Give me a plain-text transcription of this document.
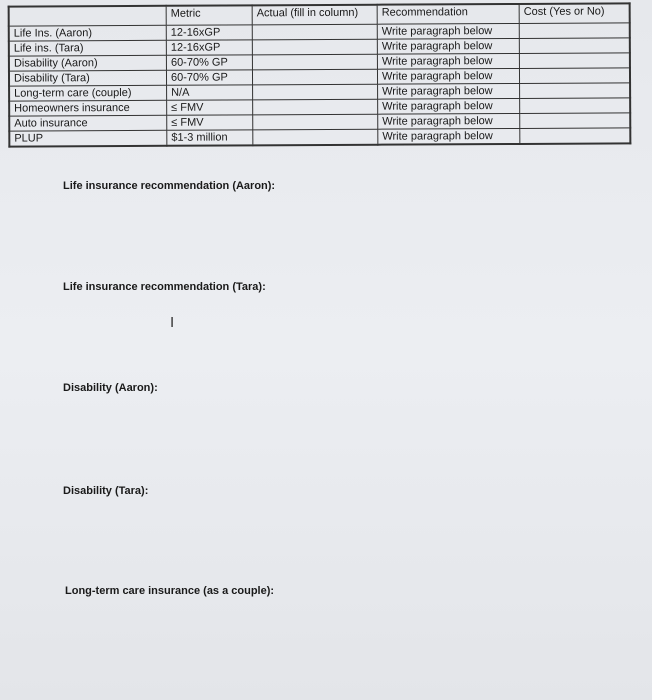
	Metric	Actual (fill in column)	Recommendation	Cost (Yes or No)
Life Ins. (Aaron)	12-16xGP		Write paragraph below	
Life ins. (Tara)	12-16xGP		Write paragraph below	
Disability (Aaron)	60-70% GP		Write paragraph below	
Disability (Tara)	60-70% GP		Write paragraph below	
Long-term care (couple)	N/A		Write paragraph below	
Homeowners insurance	≤ FMV		Write paragraph below	
Auto insurance	≤ FMV		Write paragraph below	
PLUP	$1-3 million		Write paragraph below	
Life insurance recommendation (Aaron):
Life insurance recommendation (Tara):
I
Disability (Aaron):
Disability (Tara):
Long-term care insurance (as a couple):
